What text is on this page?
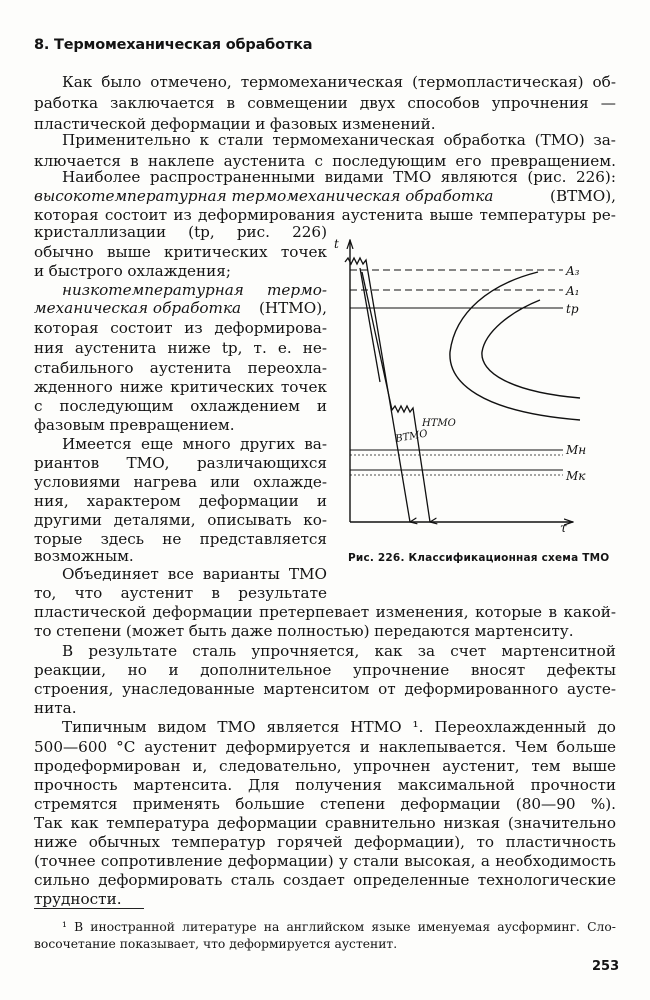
8. Термомеханическая обработка
Как было отмечено, термомеханическая (термопластическая) об-
работка заключается в совмещении двух способов упрочнения —
пластической деформации и фазовых изменений.
Применительно к стали термомеханическая обработка (ТМО) за-
ключается в наклепе аустенита с последующим его превращением.
Наиболее распространенными видами ТМО являются (рис. 226):
высокотемпературная термомеханическая обработка	(ВТМО),
которая состоит из деформирования аустенита выше температуры ре-
кристаллизации (tр, рис. 226)
обычно выше критических точек
и быстрого охлаждения;
низкотемпературная термо-
механическая обработка (НТМО),
которая состоит из деформирова-
ния аустенита ниже tр, т. е. не-
стабильного аустенита переохла-
жденного ниже критических точек
с последующим охлаждением и
фазовым превращением.
Имеется еще много других ва-
риантов ТМО, различающихся
условиями нагрева или охлажде-
ния, характером деформации и
другими деталями, описывать ко-
торые здесь не представляется
возможным.
Объединяет все варианты ТМО
то, что аустенит в результате
пластической деформации претерпевает изменения, которые в какой-
то степени (может быть даже полностью) передаются мартенситу.
В результате сталь упрочняется, как за счет мартенситной
реакции, но и дополнительное упрочнение вносят дефекты
строения, унаследованные мартенситом от деформированного аусте-
нита.
Типичным видом ТМО является НТМО ¹. Переохлажденный до
500—600 °С аустенит деформируется и наклепывается. Чем больше
продеформирован и, следовательно, упрочнен аустенит, тем выше
прочность мартенсита. Для получения максимальной прочности
стремятся применять большие степени деформации (80—90 %).
Так как температура деформации сравнительно низкая (значительно
ниже обычных температур горячей деформации), то пластичность
(точнее сопротивление деформации) у стали высокая, а необходимость
сильно деформировать сталь создает определенные технологические
трудности.
t
τ
A₃
A₁
tр
Мн
Мк
ВТМО
НТМО
Рис. 226. Классификационная схема ТМО
¹ В иностранной литературе на английском языке именуемая аусформинг. Сло-
восочетание показывает, что деформируется аустенит.
253
